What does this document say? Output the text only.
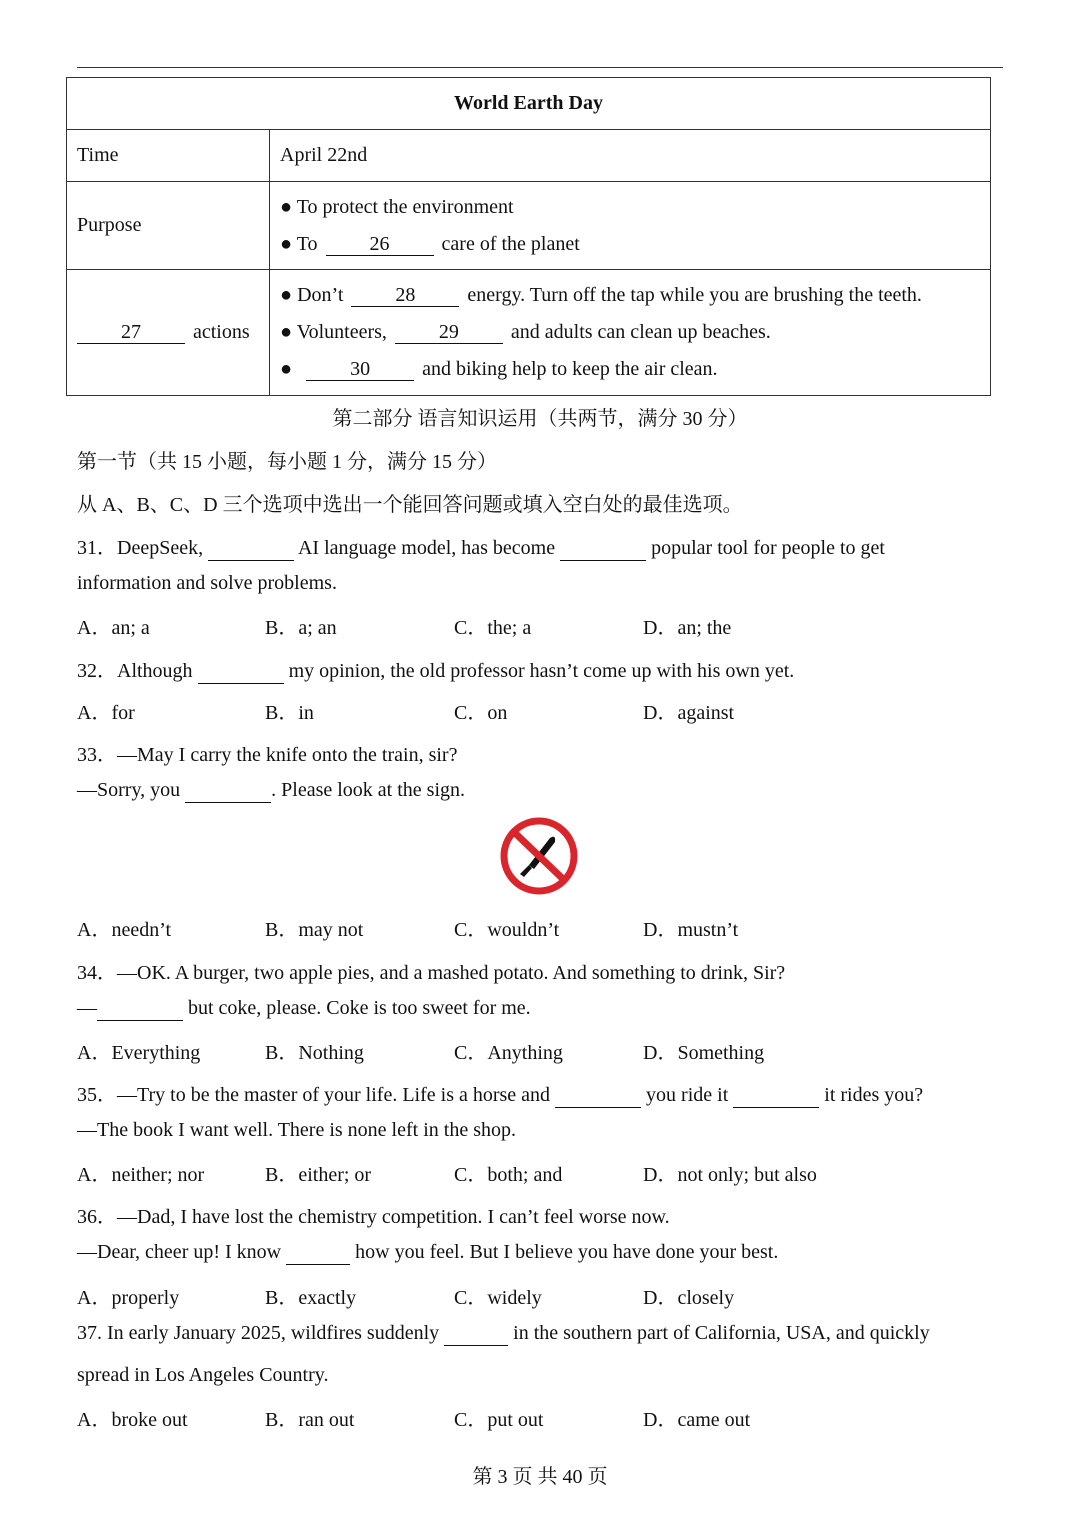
World Earth Day	
Time	April 22nd
Purpose	● To protect the environment
● To 26 care of the planet

27 actions	● Don’t 28 energy. Turn off the tap while you are brushing the teeth.
● Volunteers, 29 and adults can clean up beaches.
● 30 and biking help to keep the air clean.
第二部分 语言知识运用（共两节，满分 30 分）
第一节（共 15 小题，每小题 1 分，满分 15 分）
从 A、B、C、D 三个选项中选出一个能回答问题或填入空白处的最佳选项。
31．DeepSeek,	AI language model, has become	popular tool for people to get
information and solve problems.
A．an; a	B．a; an	C．the; a	D．an; the
32．Although	my opinion, the old professor hasn’t come up with his own yet.
A．for	B．in	C．on	D．against
33．—May I carry the knife onto the train, sir?
—Sorry, you	. Please look at the sign.
A．needn’t	B．may not	C．wouldn’t	D．mustn’t
34．—OK. A burger, two apple pies, and a mashed potato. And something to drink, Sir?
—	but coke, please. Coke is too sweet for me.
A．Everything	B．Nothing	C．Anything	D．Something
35．—Try to be the master of your life. Life is a horse and	you ride it	it rides you?
—The book I want well. There is none left in the shop.
A．neither; nor	B．either; or	C．both; and	D．not only; but also
36．—Dad, I have lost the chemistry competition. I can’t feel worse now.
—Dear, cheer up! I know	how you feel. But I believe you have done your best.
A．properly	B．exactly	C．widely	D．closely
37. In early January 2025, wildfires suddenly	in the southern part of California, USA, and quickly
spread in Los Angeles Country.
A．broke out	B．ran out	C．put out	D．came out
第 3 页 共 40 页
